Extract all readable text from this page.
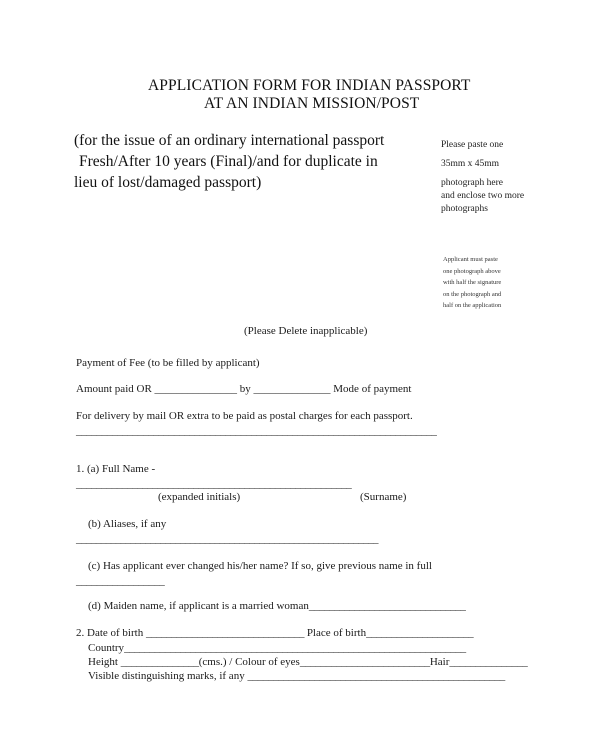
APPLICATION FORM FOR INDIAN PASSPORT
AT AN INDIAN MISSION/POST
(for the issue of an ordinary international passport
Fresh/After 10 years (Final)/and for duplicate in
lieu of lost/damaged passport)
Please paste one
35mm x 45mm
photograph here
and enclose two more
photographs
Applicant must paste
one photograph above
with half the signature
on the photograph and
half on the application
(Please Delete inapplicable)
Payment of Fee (to be filled by applicant)
Amount paid OR _______________ by ______________ Mode of payment
For delivery by mail OR extra to be paid as postal charges for each passport.
______________________________________________________________________
1. (a) Full Name -
______________________________________________________
(expanded initials)	(Surname)
(b) Aliases, if any
_____________________________________________________________
(c) Has applicant ever changed his/her name? If so, give previous name in full
_________________
(d) Maiden name, if applicant is a married woman_______________________________
2. Date of birth _______________________________ Place of birth_____________________
Country___________________________________________________________________
Height _______________(cms.) / Colour of eyes_________________________Hair_______________
Visible distinguishing marks, if any __________________________________________________
